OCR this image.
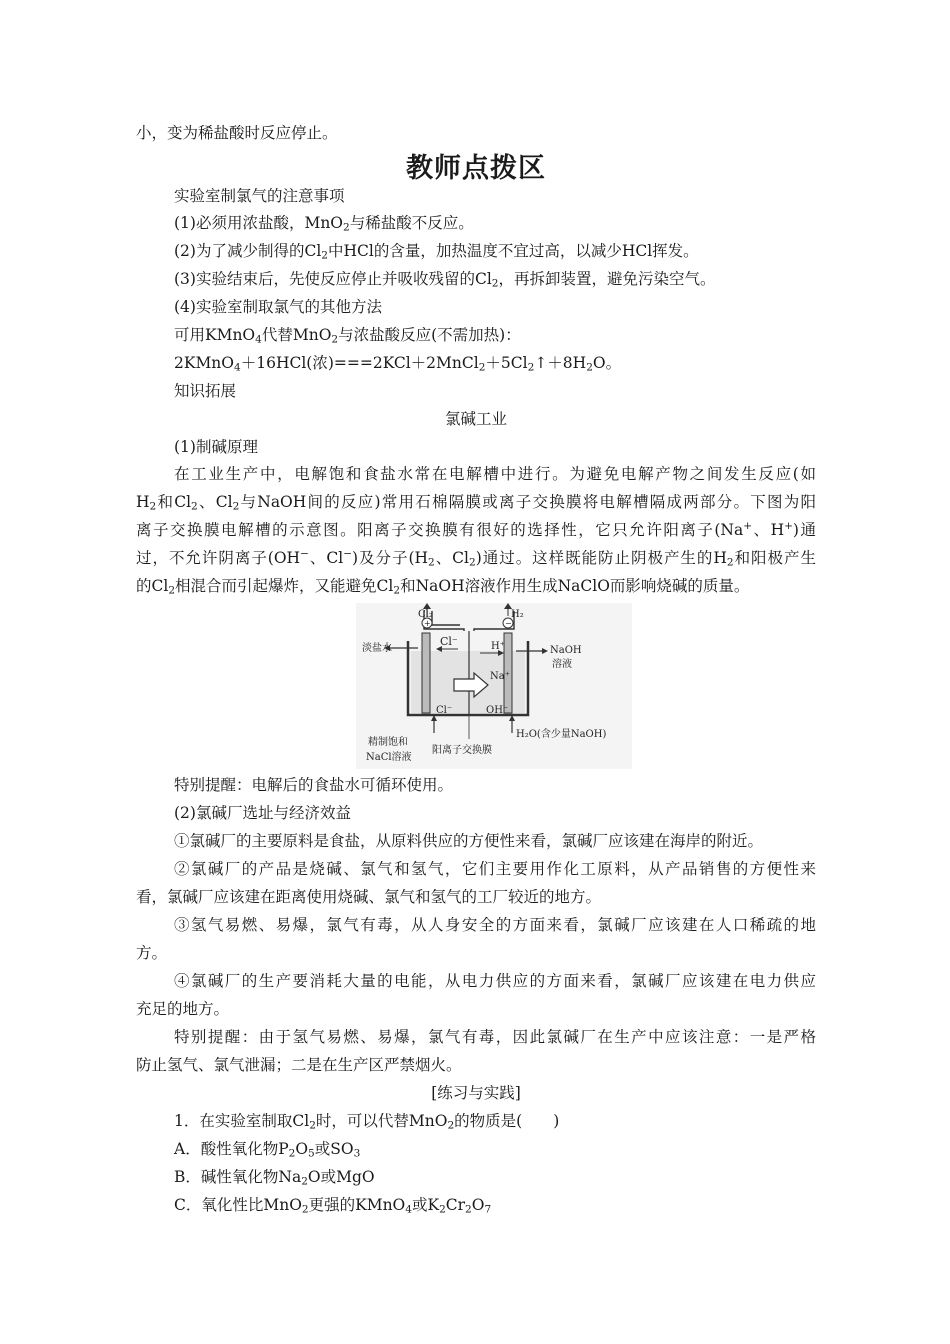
小，变为稀盐酸时反应停止。
教师点拨区
实验室制氯气的注意事项
(1)必须用浓盐酸，MnO$_2$与稀盐酸不反应。
(2)为了减少制得的$Cl_2$中HCl的含量，加热温度不宜过高，以减少HCl挥发。
(3)实验结束后，先使反应停止并吸收残留的$Cl_2$，再拆卸装置，避免污染空气。
(4)实验室制取氯气的其他方法
可用KMnO$_4$代替MnO$_2$与浓盐酸反应(不需加热)：
2KMnO$_4$＋16HCl(浓)$===2KCl+2MnCl_2+5Cl_2↑+8H_2O$。
知识拓展
氯碱工业
(1)制碱原理
在工业生产中，电解饱和食盐水常在电解槽中进行。为避免电解产物之间发生反应(如
$H_2$和$Cl_2$、$Cl_2$与NaOH间的反应)常用石棉隔膜或离子交换膜将电解槽隔成两部分。下图为阳
离子交换膜电解槽的示意图。阳离子交换膜有很好的选择性，它只允许阳离子(Na+、H+)通
过，不允许阴离子(OH−、Cl−)及分子($H_2$、$Cl_2$)通过。这样既能防止阴极产生的$H_2$和阳极产生
的$Cl_2$相混合而引起爆炸，又能避免$Cl_2$和NaOH溶液作用生成NaClO而影响烧碱的质量。
Cl₂	H₂
+	−
淡盐水	NaOH
溶液
Cl⁻	H⁺
Na⁺
Cl⁻	OH⁻
精制饱和
NaCl溶液
阳离子交换膜
H₂O(含少量NaOH)
特别提醒：电解后的食盐水可循环使用。
(2)氯碱厂选址与经济效益
①氯碱厂的主要原料是食盐，从原料供应的方便性来看，氯碱厂应该建在海岸的附近。
②氯碱厂的产品是烧碱、氯气和氢气，它们主要用作化工原料，从产品销售的方便性来
看，氯碱厂应该建在距离使用烧碱、氯气和氢气的工厂较近的地方。
③氢气易燃、易爆，氯气有毒，从人身安全的方面来看，氯碱厂应该建在人口稀疏的地
方。
④氯碱厂的生产要消耗大量的电能，从电力供应的方面来看，氯碱厂应该建在电力供应
充足的地方。
特别提醒：由于氢气易燃、易爆，氯气有毒，因此氯碱厂在生产中应该注意：一是严格
防止氢气、氯气泄漏；二是在生产区严禁烟火。
[练习与实践]
1．在实验室制取$Cl_2$时，可以代替MnO$_2$的物质是(　　)
A．酸性氧化物$P_2O_5$或$SO_3$
B．碱性氧化物$Na_2O$或MgO
C．氧化性比MnO$_2$更强的KMnO$_4$或$K_2Cr_2O_7$
